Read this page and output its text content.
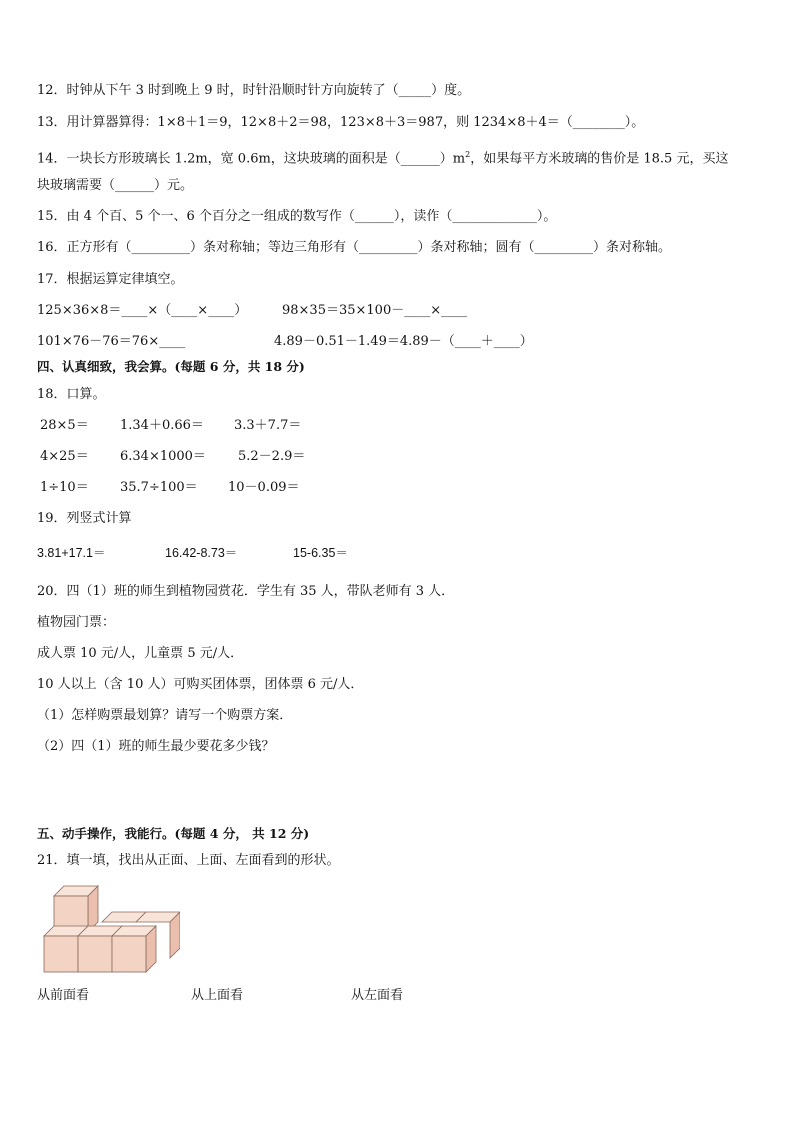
12．时钟从下午 3 时到晚上 9 时，时针沿顺时针方向旋转了（_____）度。
13．用计算器算得：1×8＋1＝9，12×8＋2＝98，123×8＋3＝987，则 1234×8＋4＝（________）。
14．一块长方形玻璃长 1.2m，宽 0.6m，这块玻璃的面积是$(\_\_\_\_\_\_)m^2$，如果每平方米玻璃的售价是 18.5 元，买这
块玻璃需要（______）元。
15．由 4 个百、5 个一、6 个百分之一组成的数写作（______），读作（_____________）。
16．正方形有（_________）条对称轴；等边三角形有（_________）条对称轴；圆有（_________）条对称轴。
17．根据运算定律填空。
125×36×8＝____×（____×____）	98×35＝35×100－____×____
101×76－76＝76×____	4.89－0.51－1.49＝4.89－（____＋____）
四、认真细致，我会算。(每题 6 分，共 18 分)
18．口算。
28×5＝ 1.34＋0.66＝ 3.3＋7.7＝
4×25＝ 6.34×1000＝ 5.2－2.9＝
1÷10＝ 35.7÷100＝ 10－0.09＝
19．列竖式计算
3.81+17.1＝	16.42-8.73＝	15-6.35＝
20．四（1）班的师生到植物园赏花．学生有 35 人，带队老师有 3 人．
植物园门票：
成人票 10 元/人，儿童票 5 元/人．
10 人以上（含 10 人）可购买团体票，团体票 6 元/人．
（1）怎样购票最划算？请写一个购票方案．
（2）四（1）班的师生最少要花多少钱？
五、动手操作，我能行。(每题 4 分， 共 12 分)
21．填一填，找出从正面、上面、左面看到的形状。
从前面看	从上面看	从左面看
